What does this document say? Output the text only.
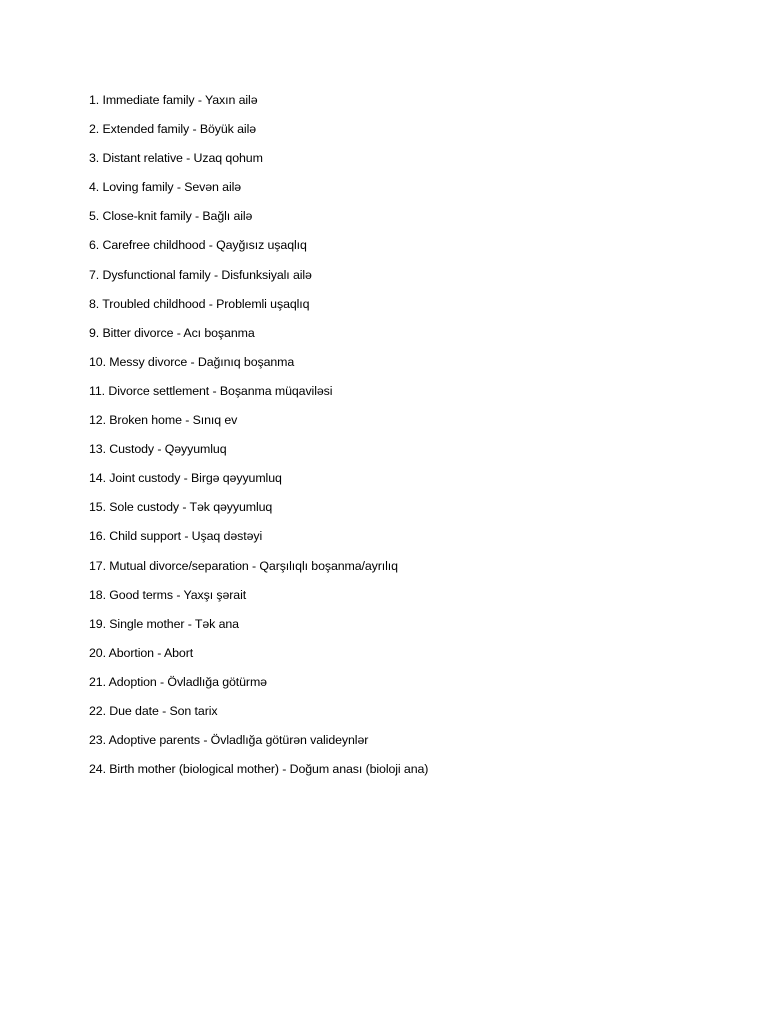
1. Immediate family - Yaxın ailə
2. Extended family - Böyük ailə
3. Distant relative - Uzaq qohum
4. Loving family - Sevən ailə
5. Close-knit family - Bağlı ailə
6. Carefree childhood - Qayğısız uşaqlıq
7. Dysfunctional family - Disfunksiyalı ailə
8. Troubled childhood - Problemli uşaqlıq
9. Bitter divorce - Acı boşanma
10. Messy divorce - Dağınıq boşanma
11. Divorce settlement - Boşanma müqaviləsi
12. Broken home - Sınıq ev
13. Custody - Qəyyumluq
14. Joint custody - Birgə qəyyumluq
15. Sole custody - Tək qəyyumluq
16. Child support - Uşaq dəstəyi
17. Mutual divorce/separation - Qarşılıqlı boşanma/ayrılıq
18. Good terms - Yaxşı şərait
19. Single mother - Tək ana
20. Abortion - Abort
21. Adoption - Övladlığa götürmə
22. Due date - Son tarix
23. Adoptive parents - Övladlığa götürən valideynlər
24. Birth mother (biological mother) - Doğum anası (bioloji ana)
